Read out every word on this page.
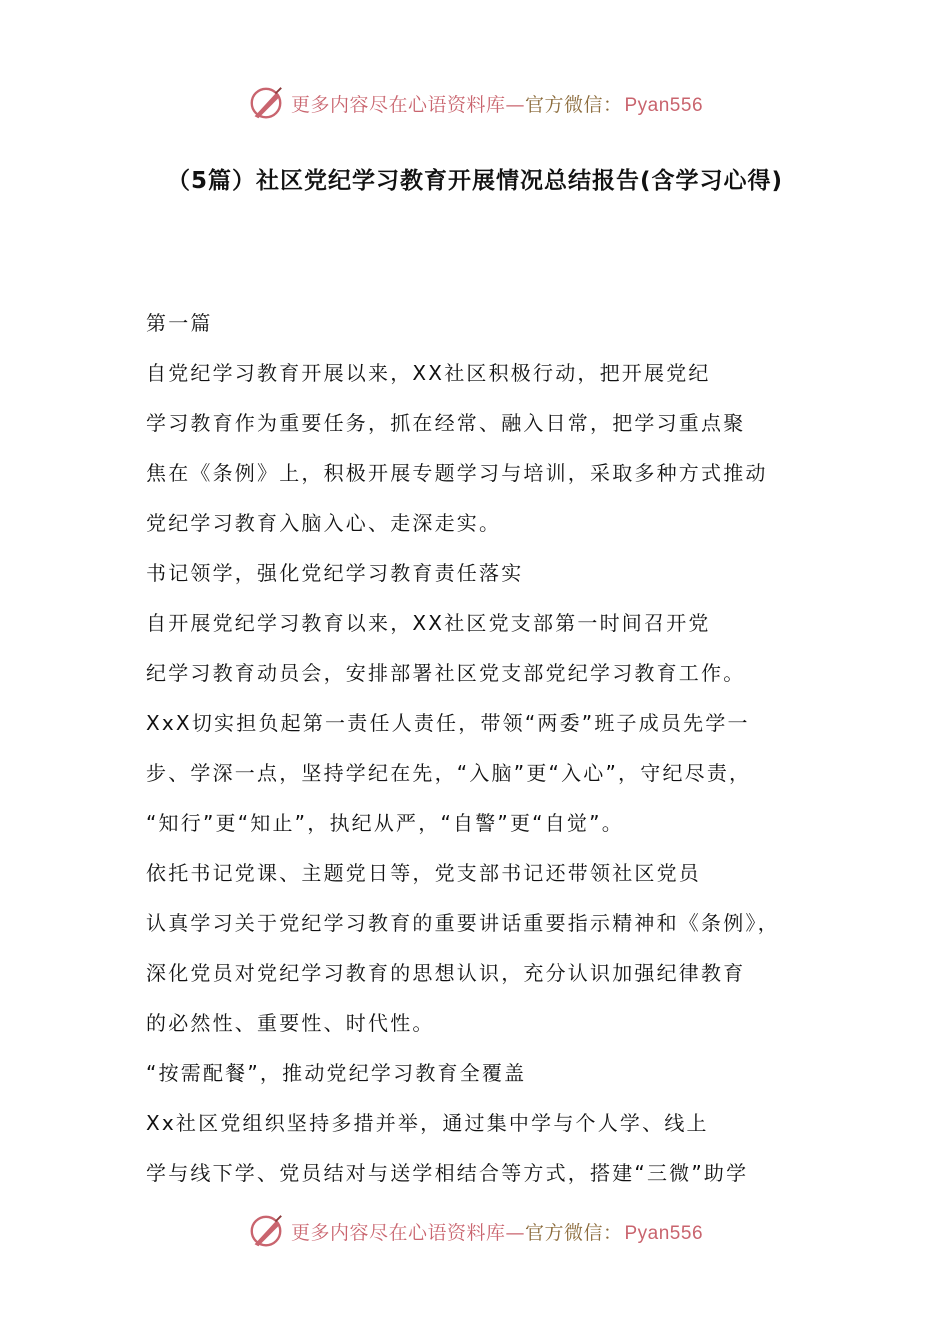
更多内容尽在心语资料库—官方微信： Pyan556
（5篇）社区党纪学习教育开展情况总结报告(含学习心得)
第一篇
自党纪学习教育开展以来，XX社区积极行动，把开展党纪
学习教育作为重要任务，抓在经常、融入日常，把学习重点聚
焦在《条例》上，积极开展专题学习与培训，采取多种方式推动
党纪学习教育入脑入心、走深走实。
书记领学，强化党纪学习教育责任落实
自开展党纪学习教育以来，XX社区党支部第一时间召开党
纪学习教育动员会，安排部署社区党支部党纪学习教育工作。
XxX切实担负起第一责任人责任，带领“两委”班子成员先学一
步、学深一点，坚持学纪在先，“入脑”更“入心”，守纪尽责，
“知行”更“知止”，执纪从严，“自警”更“自觉”。
依托书记党课、主题党日等，党支部书记还带领社区党员
认真学习关于党纪学习教育的重要讲话重要指示精神和《条例》，
深化党员对党纪学习教育的思想认识，充分认识加强纪律教育
的必然性、重要性、时代性。
“按需配餐”，推动党纪学习教育全覆盖
Xx社区党组织坚持多措并举，通过集中学与个人学、线上
学与线下学、党员结对与送学相结合等方式，搭建“三微”助学
更多内容尽在心语资料库—官方微信： Pyan556
